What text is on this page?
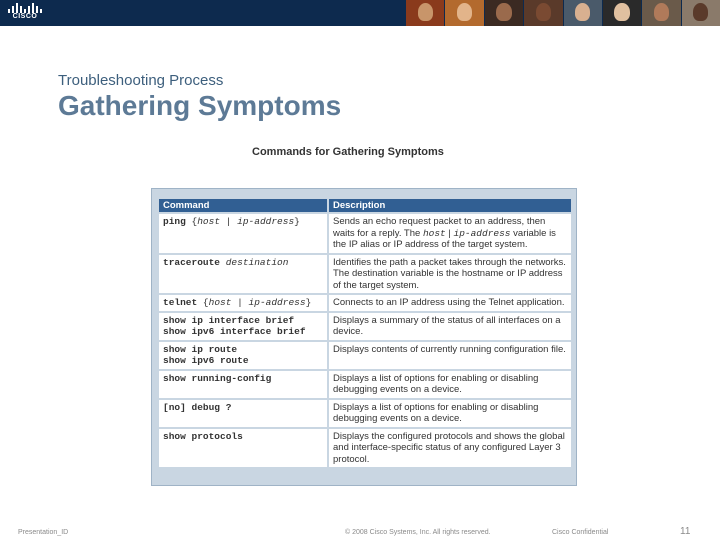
CISCO
Troubleshooting Process
Gathering Symptoms
Commands for Gathering Symptoms
Command	Description

ping {host | ip-address}	Sends an echo request packet to an address, then waits for a reply. The host | ip-address variable is the IP alias or IP address of the target system.

traceroute destination	Identifies the path a packet takes through the networks. The destination variable is the hostname or IP address of the target system.

telnet {host | ip-address}	Connects to an IP address using the Telnet application.

show ip interface brief
show ipv6 interface brief	Displays a summary of the status of all interfaces on a device.

show ip route
show ipv6 route	Displays contents of currently running configuration file.

show running-config	Displays a list of options for enabling or disabling debugging events on a device.

[no] debug ?	Displays a list of options for enabling or disabling debugging events on a device.

show protocols	Displays the configured protocols and shows the global and interface-specific status of any configured Layer 3 protocol.
Presentation_ID	© 2008 Cisco Systems, Inc. All rights reserved.	Cisco Confidential	11
